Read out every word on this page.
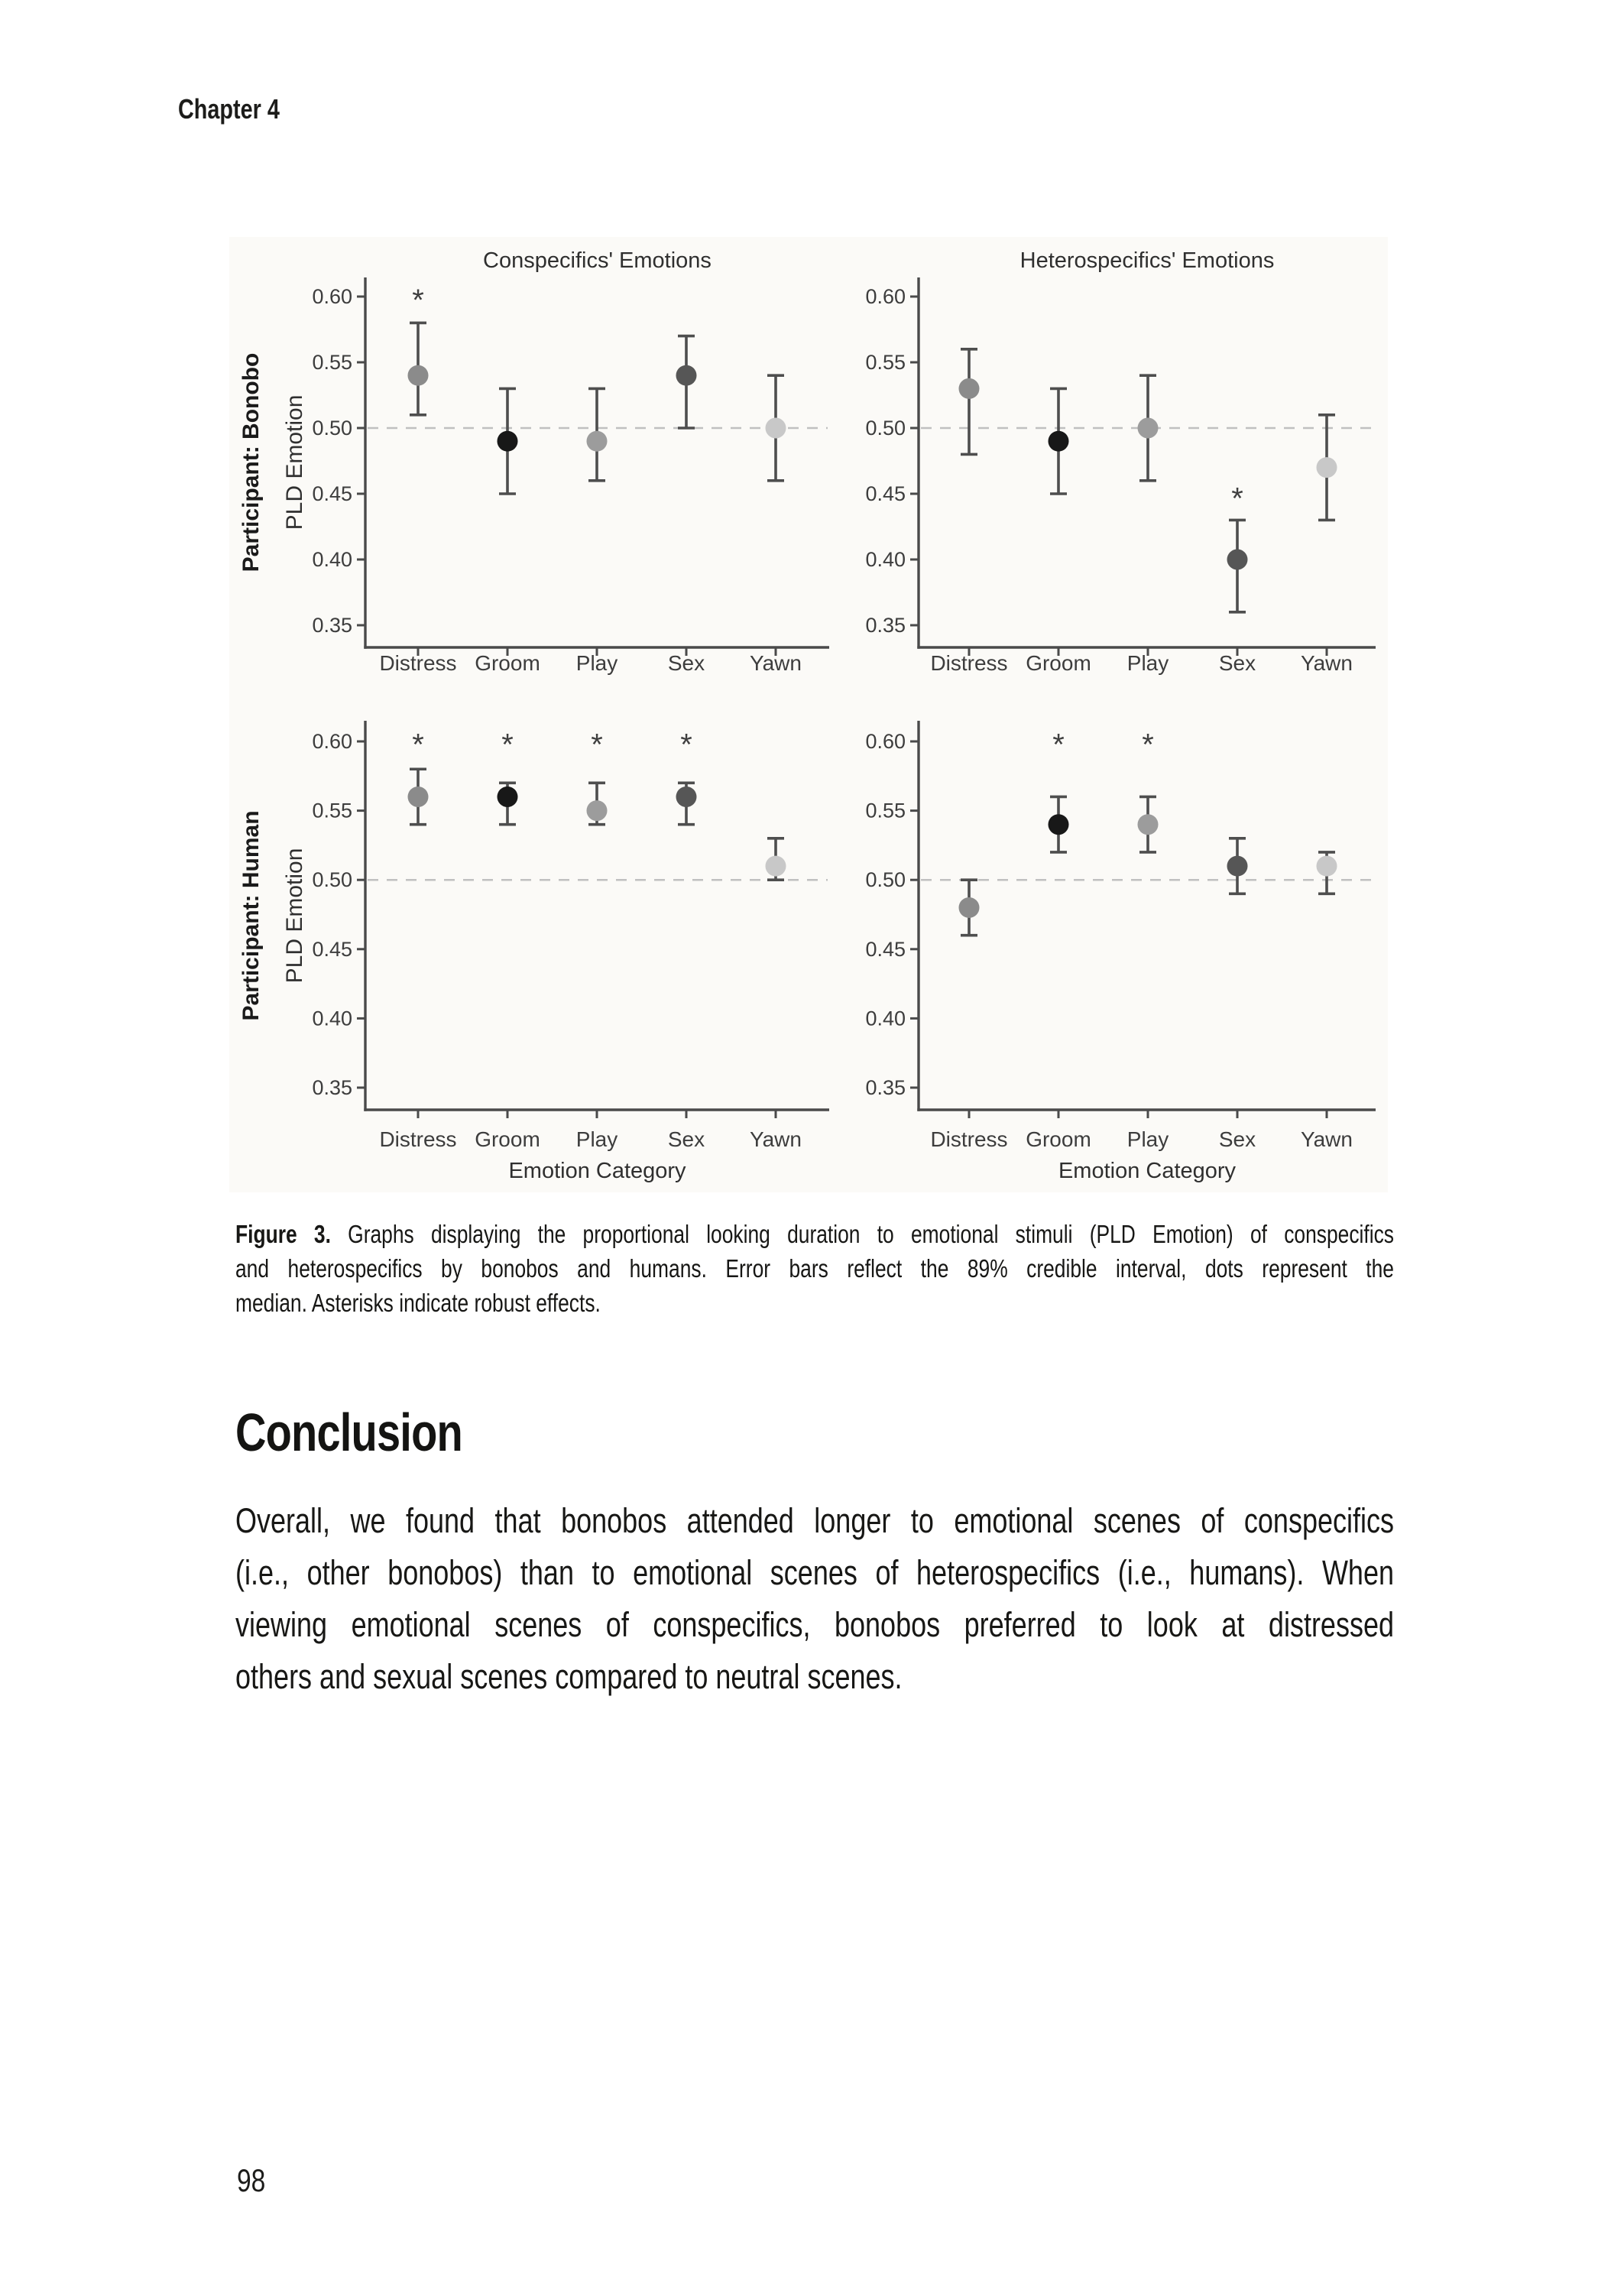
Chapter 4
Conspecifics' Emotions
0.60
0.55
0.50
0.45
0.40
0.35
Distress Groom Play Sex Yawn
*
Participant: Bonobo PLD Emotion
Heterospecifics' Emotions
0.60
0.55
0.50
0.45
0.40
0.35
Distress Groom Play Sex Yawn
*
0.60
0.55
0.50
0.45
0.40
0.35
Distress Groom Play Sex Yawn
*	*	*	*
Participant: Human PLD Emotion
Emotion Category
0.60
0.55
0.50
0.45
0.40
0.35
Distress Groom Play Sex Yawn
*	*
Emotion Category
Figure 3. Graphs displaying the proportional looking duration to emotional stimuli (PLD Emotion) of conspecifics
and heterospecifics by bonobos and humans. Error bars reflect the 89% credible interval, dots represent the
median. Asterisks indicate robust effects.
Conclusion
Overall, we found that bonobos attended longer to emotional scenes of conspecifics
(i.e., other bonobos) than to emotional scenes of heterospecifics (i.e., humans). When
viewing emotional scenes of conspecifics, bonobos preferred to look at distressed
others and sexual scenes compared to neutral scenes.
98
